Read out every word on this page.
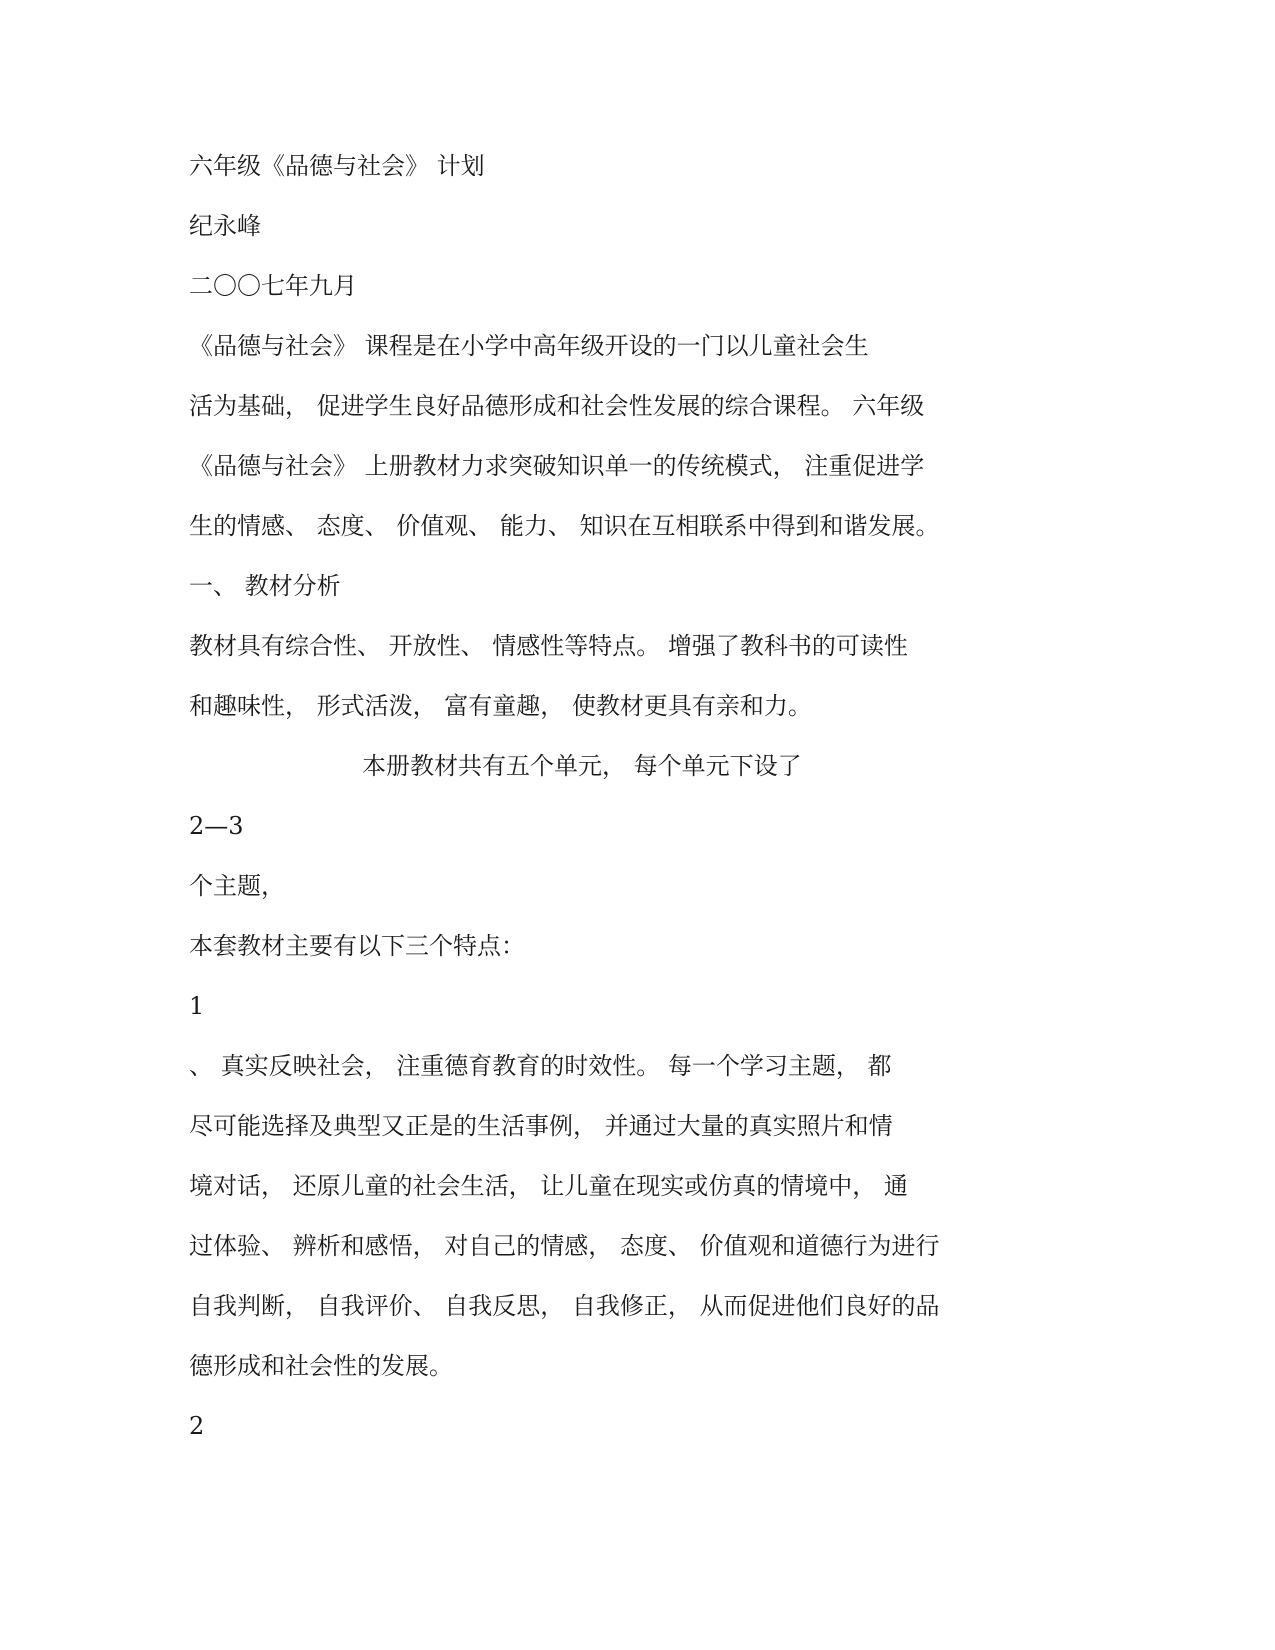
六年级《品德与社会》 计划

纪永峰

二〇〇七年九月

《品德与社会》 课程是在小学中高年级开设的一门以儿童社会生

活为基础， 促进学生良好品德形成和社会性发展的综合课程。 六年级

《品德与社会》 上册教材力求突破知识单一的传统模式， 注重促进学

生的情感、 态度、 价值观、 能力、 知识在互相联系中得到和谐发展。

一、 教材分析

教材具有综合性、 开放性、 情感性等特点。 增强了教科书的可读性

和趣味性， 形式活泼， 富有童趣， 使教材更具有亲和力。

本册教材共有五个单元， 每个单元下设了

2—3

个主题，

本套教材主要有以下三个特点：

1

、 真实反映社会， 注重德育教育的时效性。 每一个学习主题， 都

尽可能选择及典型又正是的生活事例， 并通过大量的真实照片和情

境对话， 还原儿童的社会生活， 让儿童在现实或仿真的情境中， 通

过体验、 辨析和感悟， 对自己的情感， 态度、 价值观和道德行为进行

自我判断， 自我评价、 自我反思， 自我修正， 从而促进他们良好的品

德形成和社会性的发展。

2
